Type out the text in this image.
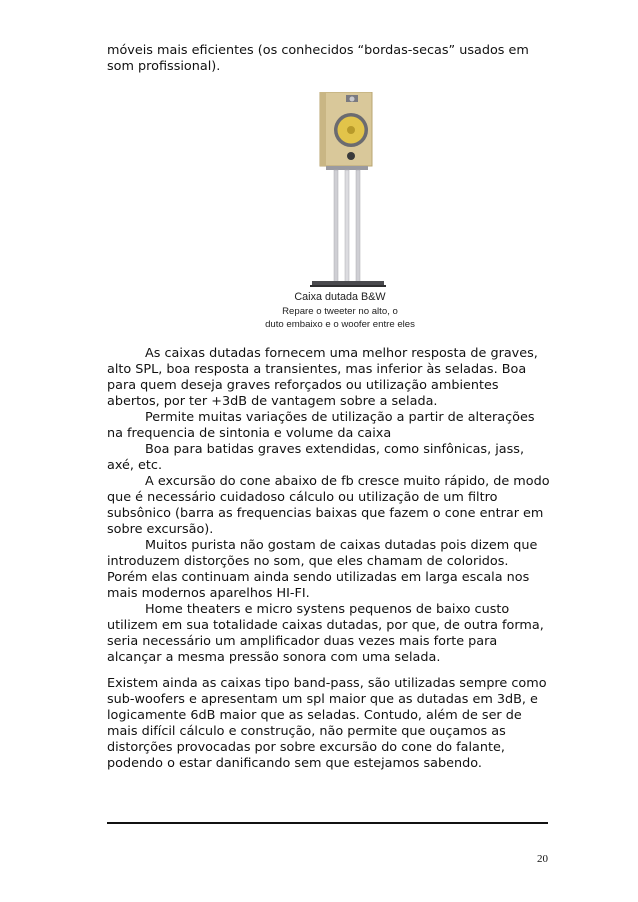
móveis mais eficientes (os conhecidos “bordas-secas” usados em
som profissional).
Caixa dutada B&W
Repare o tweeter no alto, o
duto embaixo e o woofer entre eles

As caixas dutadas fornecem uma melhor resposta de graves, alto SPL, boa resposta a transientes, mas inferior às seladas. Boa para quem deseja graves reforçados ou utilização ambientes abertos, por ter +3dB de vantagem sobre a selada.

Permite muitas variações de utilização a partir de alterações na frequencia de sintonia e volume da caixa

Boa para batidas graves extendidas, como sinfônicas, jass, axé, etc.

A excursão do cone abaixo de fb cresce muito rápido, de modo que é necessário cuidadoso cálculo ou utilização de um filtro subsônico (barra as frequencias baixas que fazem o cone entrar em sobre excursão).

Muitos purista não gostam de caixas dutadas pois dizem que introduzem distorções no som, que eles chamam de coloridos. Porém elas continuam ainda sendo utilizadas em larga escala nos mais modernos aparelhos HI-FI.

Home theaters e micro systens pequenos de baixo custo utilizem em sua totalidade caixas dutadas, por que, de outra forma, seria necessário um amplificador duas vezes mais forte para alcançar a mesma pressão sonora com uma selada.

Existem ainda as caixas tipo band-pass, são utilizadas sempre como sub-woofers e apresentam um spl maior que as dutadas em 3dB, e logicamente 6dB maior que as seladas. Contudo, além de ser de mais difícil cálculo e construção, não permite que ouçamos as distorções provocadas por sobre excursão do cone do falante, podendo o estar danificando sem que estejamos sabendo.

20
